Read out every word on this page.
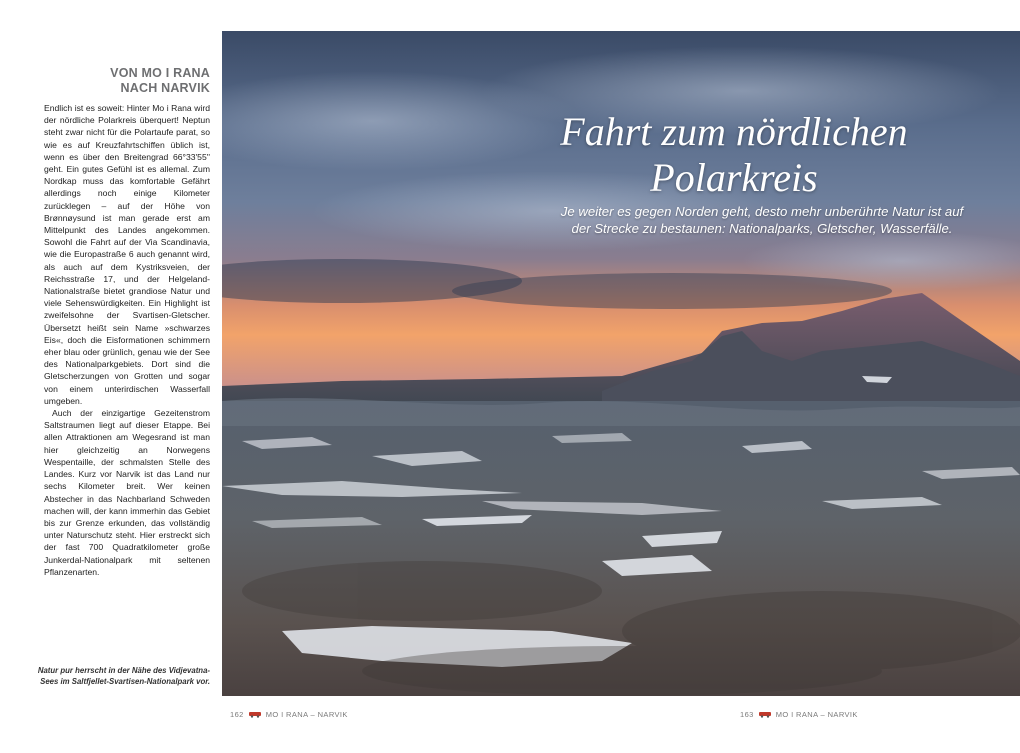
VON MO I RANA
NACH NARVIK

Endlich ist es soweit: Hinter Mo i Rana wird der nördliche Polarkreis überquert! Neptun steht zwar nicht für die Polartaufe parat, so wie es auf Kreuzfahrtschiffen üblich ist, wenn es über den Breitengrad 66°33'55'' geht. Ein gutes Gefühl ist es allemal. Zum Nordkap muss das komfortable Gefährt allerdings noch einige Kilometer zurücklegen – auf der Höhe von Brønnøysund ist man gerade erst am Mittelpunkt des Landes angekommen. Sowohl die Fahrt auf der Via Scandinavia, wie die Europastraße 6 auch genannt wird, als auch auf dem Kystriksveien, der Reichsstraße 17, und der Helgeland-Nationalstraße bietet grandiose Natur und viele Sehenswürdigkeiten. Ein Highlight ist zweifelsohne der Svartisen-Gletscher. Übersetzt heißt sein Name »schwarzes Eis«, doch die Eisformationen schimmern eher blau oder grünlich, genau wie der See des Nationalparkgebiets. Dort sind die Gletscherzungen von Grotten und sogar von einem unterirdischen Wasserfall umgeben.

Auch der einzigartige Gezeitenstrom Saltstraumen liegt auf dieser Etappe. Bei allen Attraktionen am Wegesrand ist man hier gleichzeitig an Norwegens Wespentaille, der schmalsten Stelle des Landes. Kurz vor Narvik ist das Land nur sechs Kilometer breit. Wer keinen Abstecher in das Nachbarland Schweden machen will, der kann immerhin das Gebiet bis zur Grenze erkunden, das vollständig unter Naturschutz steht. Hier erstreckt sich der fast 700 Quadratkilometer große Junkerdal-Nationalpark mit seltenen Pflanzenarten.

Natur pur herrscht in der Nähe des Vidjevatna-Sees im Saltfjellet-Svartisen-Nationalpark vor.
Fahrt zum nördlichen
Polarkreis
Je weiter es gegen Norden geht, desto mehr unberührte Natur ist auf der Strecke zu bestaunen: Nationalparks, Gletscher, Wasserfälle.
162	MO I RANA – NARVIK	163	MO I RANA – NARVIK
